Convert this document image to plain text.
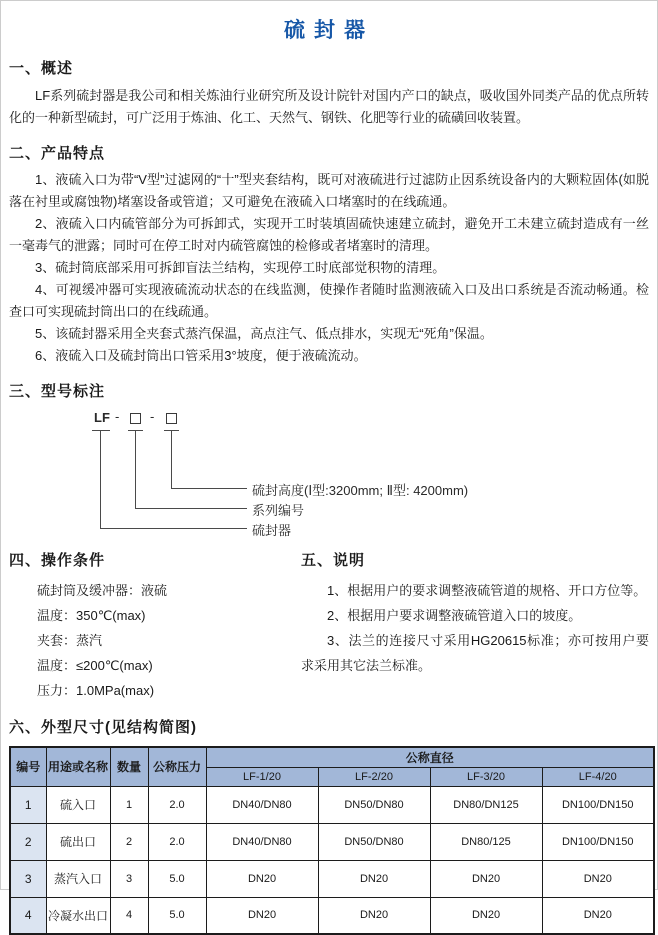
硫封器
一、概述

LF系列硫封器是我公司和相关炼油行业研究所及设计院针对国内产口的缺点，吸收国外同类产品的优点所转化的一种新型硫封，可广泛用于炼油、化工、天然气、钢铁、化肥等行业的硫磺回收装置。

二、产品特点

1、液硫入口为带“V型”过滤网的“十”型夹套结构，既可对液硫进行过滤防止因系统设备内的大颗粒固体(如脱落在衬里或腐蚀物)堵塞设备或管道；又可避免在液硫入口堵塞时的在线疏通。

2、液硫入口内硫管部分为可拆卸式，实现开工时装填固硫快速建立硫封，避免开工未建立硫封造成有一丝一毫毒气的泄露；同时可在停工时对内硫管腐蚀的检修或者堵塞时的清理。

3、硫封筒底部采用可拆卸盲法兰结构，实现停工时底部觉积物的清理。

4、可视缓冲器可实现液硫流动状态的在线监测，使操作者随时监测液硫入口及出口系统是否流动畅通。检查口可实现硫封筒出口的在线疏通。

5、该硫封器采用全夹套式蒸汽保温，高点注气、低点排水，实现无“死角”保温。

6、液硫入口及硫封筒出口管采用3°坡度，便于液硫流动。

三、型号标注
LF - -
硫封高度(Ⅰ型:3200mm; Ⅱ型: 4200mm)
系列编号
硫封器
四、操作条件
硫封筒及缓冲器：液硫
温度：350℃(max)
夹套：蒸汽
温度：≤200℃(max)
压力：1.0MPa(max)
五、说明

1、根据用户的要求调整液硫管道的规格、开口方位等。

2、根据用户要求调整液硫管道入口的坡度。

3、法兰的连接尺寸采用HG20615标准；亦可按用户要求采用其它法兰标准。

六、外型尺寸(见结构简图)
编号	用途或名称	数量	公称压力	公称直径			
				LF-1/20	LF-2/20	LF-3/20	LF-4/20
1	硫入口	1	2.0	DN40/DN80	DN50/DN80	DN80/DN125	DN100/DN150
2	硫出口	2	2.0	DN40/DN80	DN50/DN80	DN80/125	DN100/DN150
3	蒸汽入口	3	5.0	DN20	DN20	DN20	DN20
4	冷凝水出口	4	5.0	DN20	DN20	DN20	DN20
